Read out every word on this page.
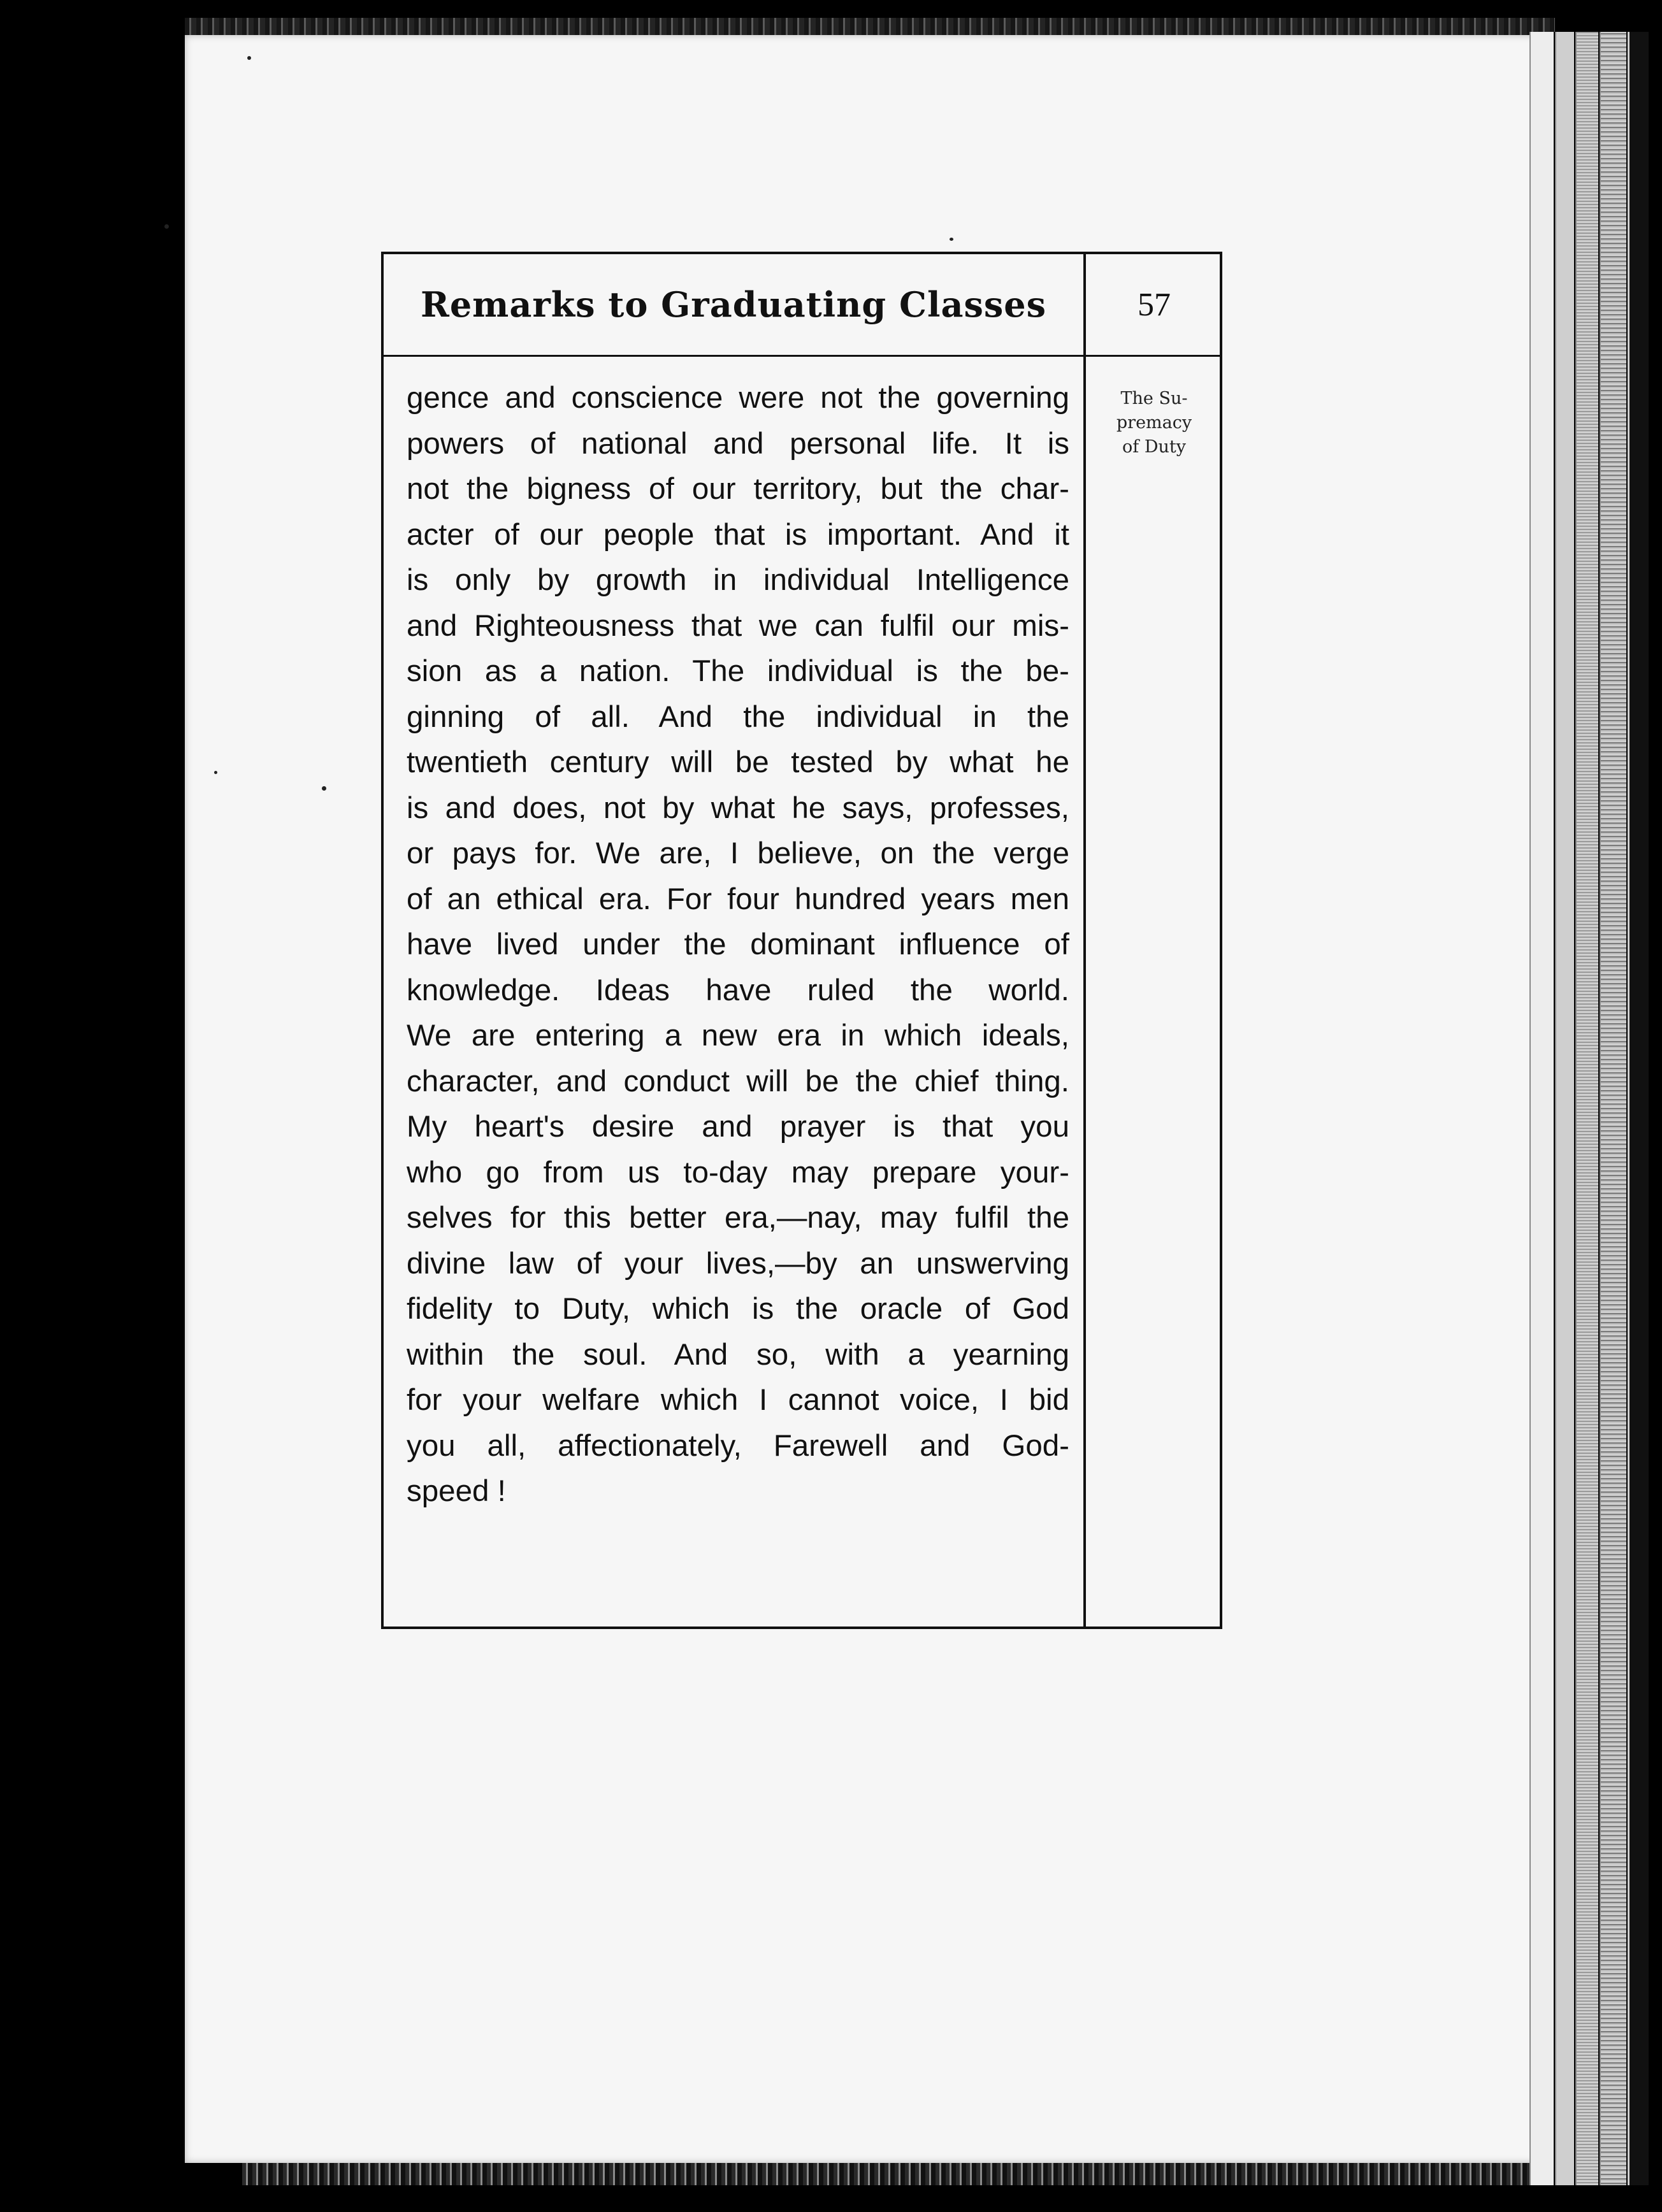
Remarks to Graduating Classes	57
The Su-
premacy
of Duty
gence and conscience were not the governing
powers of national and personal life. It is
not the bigness of our territory, but the char-
acter of our people that is important. And it
is only by growth in individual Intelligence
and Righteousness that we can fulfil our mis-
sion as a nation. The individual is the be-
ginning of all. And the individual in the
twentieth century will be tested by what he
is and does, not by what he says, professes,
or pays for. We are, I believe, on the verge
of an ethical era. For four hundred years men
have lived under the dominant influence of
knowledge. Ideas have ruled the world.
We are entering a new era in which ideals,
character, and conduct will be the chief thing.
My heart's desire and prayer is that you
who go from us to-day may prepare your-
selves for this better era,—nay, may fulfil the
divine law of your lives,—by an unswerving
fidelity to Duty, which is the oracle of God
within the soul. And so, with a yearning
for your welfare which I cannot voice, I bid
you all, affectionately, Farewell and God-
speed !
